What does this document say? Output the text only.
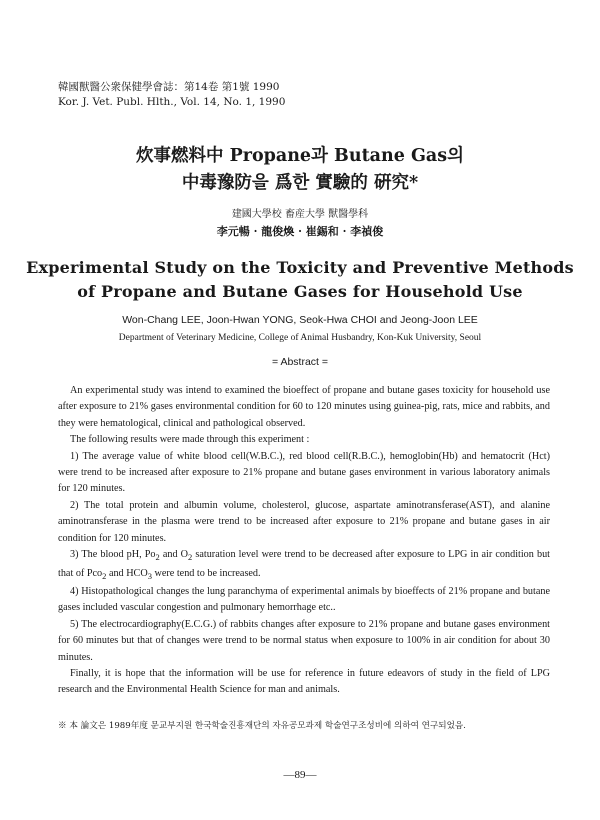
韓國獸醫公衆保健學會誌：第14卷 第1號 1990
Kor. J. Vet. Publ. Hlth., Vol. 14, No. 1, 1990
炊事燃料中 Propane과 Butane Gas의
中毒豫防을 爲한 實驗的 硏究*
建國大學校 畜産大學 獸醫學科
李元暢 · 龍俊煥 · 崔錫和 · 李禎俊
Experimental Study on the Toxicity and Preventive Methods
of Propane and Butane Gases for Household Use
Won-Chang LEE, Joon-Hwan YONG, Seok-Hwa CHOI and Jeong-Joon LEE
Department of Veterinary Medicine, College of Animal Husbandry, Kon-Kuk University, Seoul
= Abstract =

An experimental study was intend to examined the bioeffect of propane and butane gases toxicity for household use after exposure to 21% gases environmental condition for 60 to 120 minutes using guinea-pig, rats, mice and rabbits, and they were hematological, clinical and pathological observed.

The following results were made through this experiment :

1) The average value of white blood cell(W.B.C.), red blood cell(R.B.C.), hemoglobin(Hb) and hematocrit (Hct) were trend to be increased after exposure to 21% propane and butane gases environment in various laboratory animals for 120 minutes.

2) The total protein and albumin volume, cholesterol, glucose, aspartate aminotransferase(AST), and alanine aminotransferase in the plasma were trend to be increased after exposure to 21% propane and butane gases in air condition for 120 minutes.

3) The blood pH, $Po_2$ and $O_2$ saturation level were trend to be decreased after exposure to LPG in air condition but that of Pco$_2$ and $HCO_3$ were tend to be increased.

4) Histopathological changes the lung paranchyma of experimental animals by bioeffects of 21% propane and butane gases included vascular congestion and pulmonary hemorrhage etc..

5) The electrocardiography(E.C.G.) of rabbits changes after exposure to 21% propane and butane gases environment for 60 minutes but that of changes were trend to be normal status when exposure to 100% in air condition for about 30 minutes.

Finally, it is hope that the information will be use for reference in future edeavors of study in the field of LPG research and the Environmental Health Science for man and animals.

※ 本 論文은 1989年度 문교부지원 한국학술진흥재단의 자유공모과제 학술연구조성비에 의하여 연구되었음.
—89—
